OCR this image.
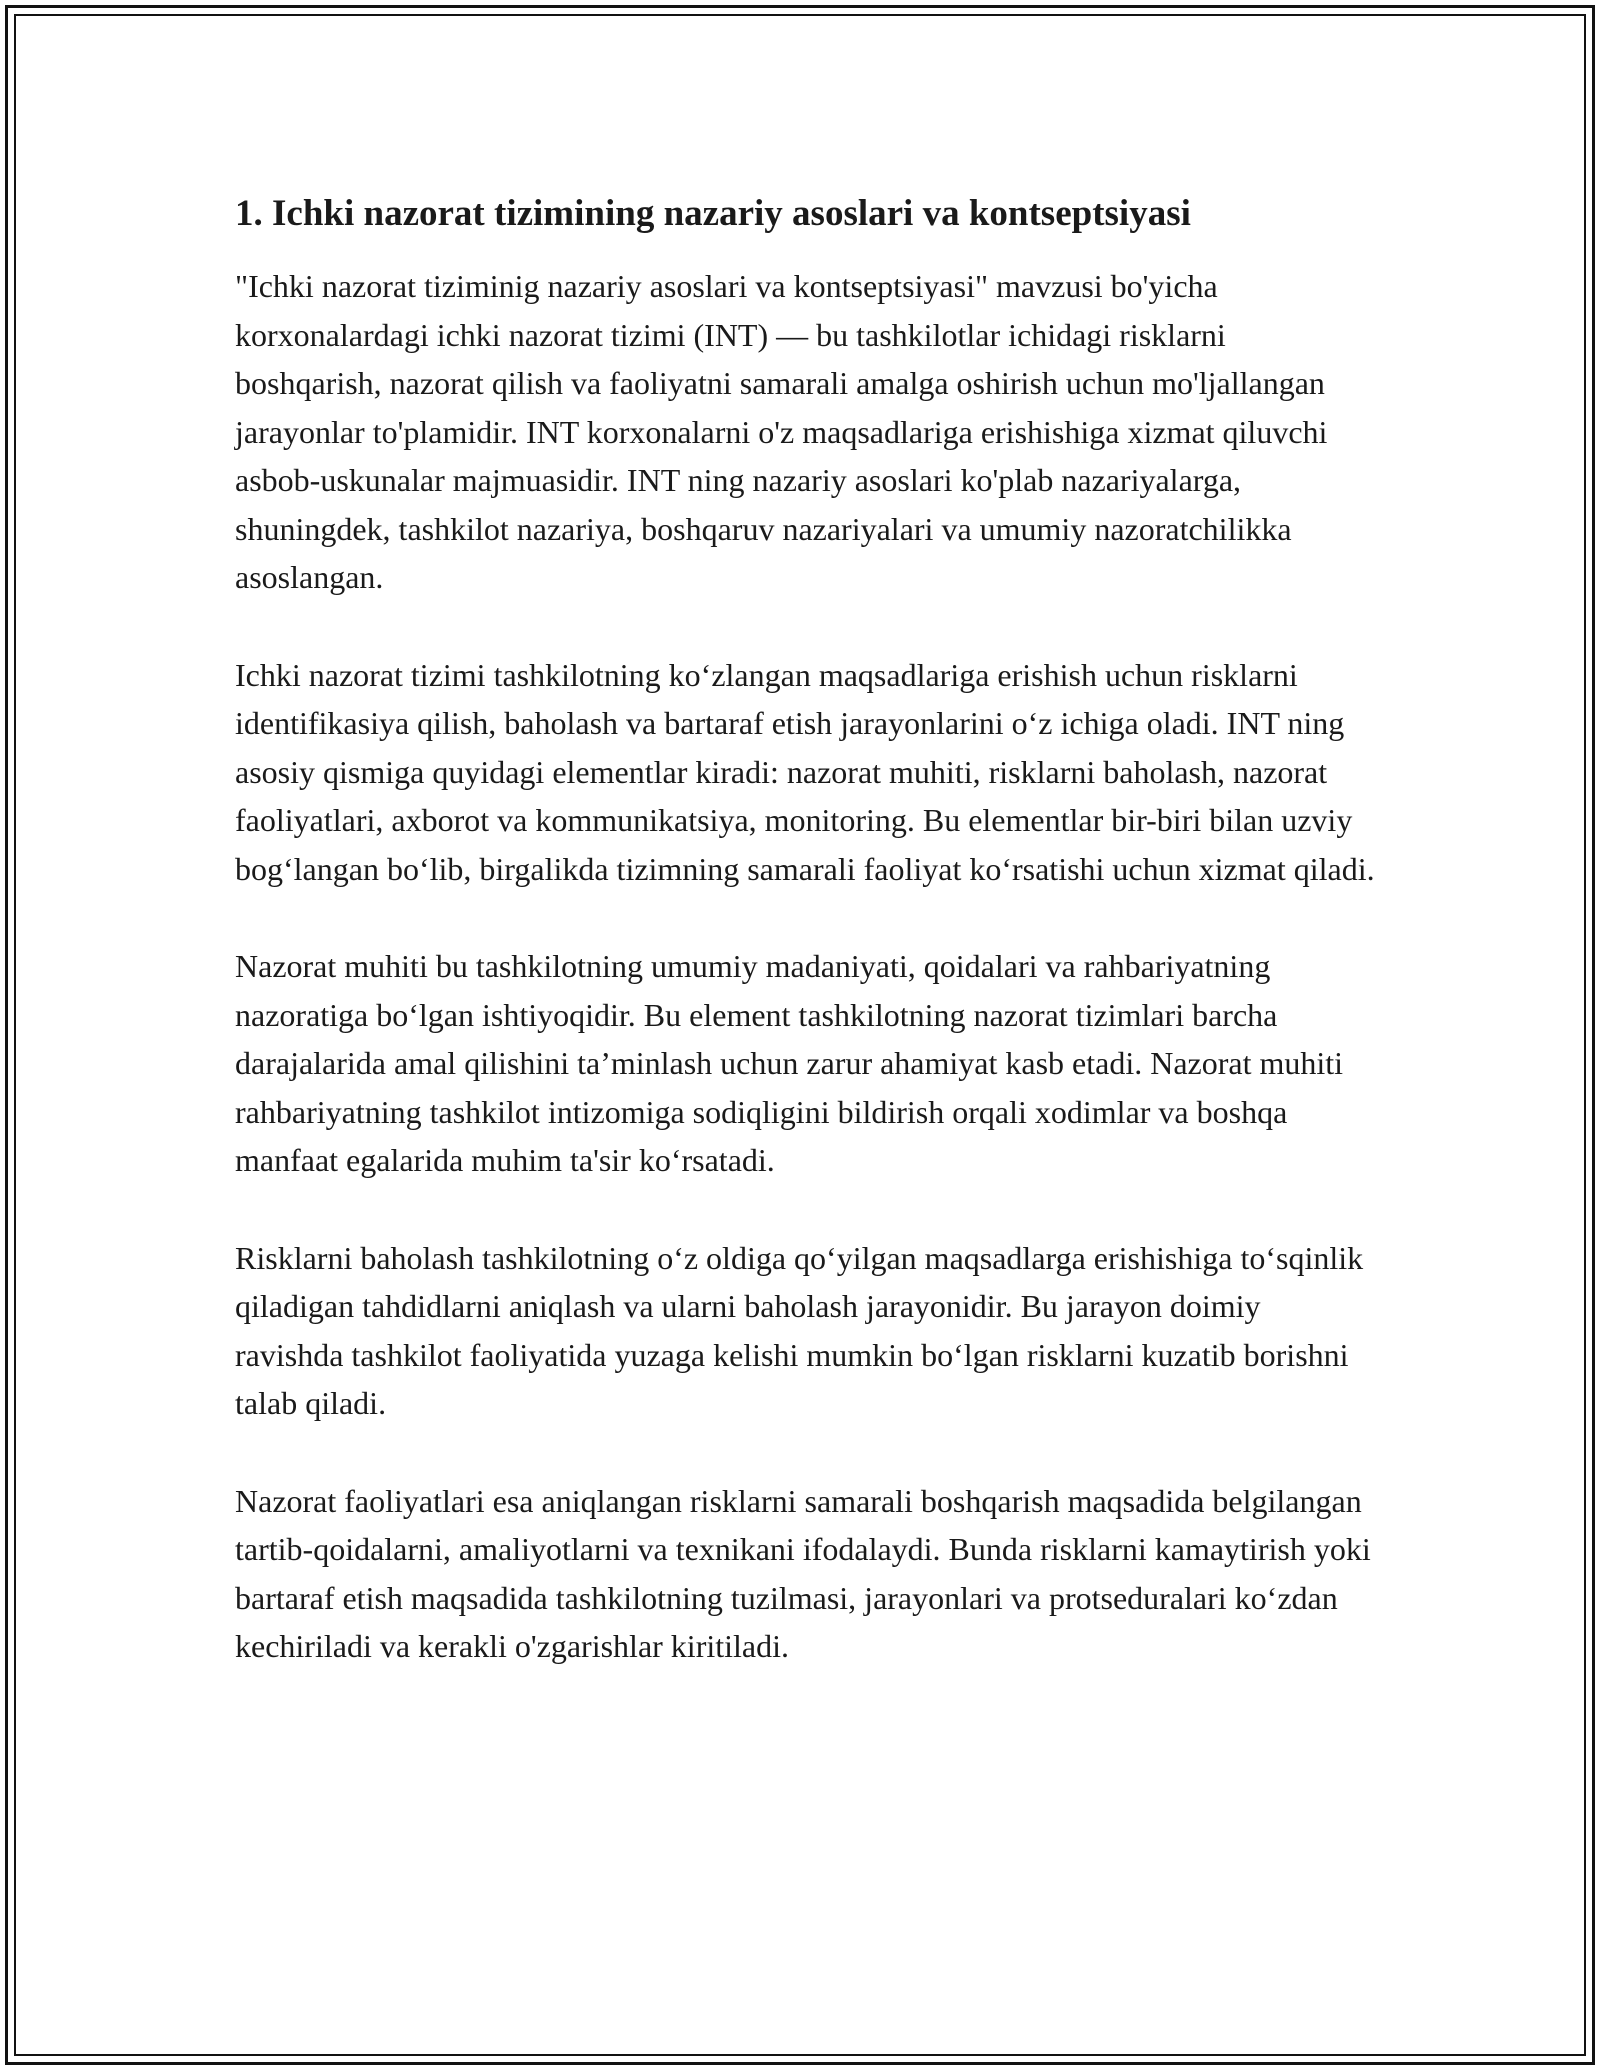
1. Ichki nazorat tizimining nazariy asoslari va kontseptsiyasi

"Ichki nazorat tiziminig nazariy asoslari va kontseptsiyasi" mavzusi bo'yicha korxonalardagi ichki nazorat tizimi (INT) — bu tashkilotlar ichidagi risklarni boshqarish, nazorat qilish va faoliyatni samarali amalga oshirish uchun mo'ljallangan jarayonlar to'plamidir. INT korxonalarni o'z maqsadlariga erishishiga xizmat qiluvchi asbob-uskunalar majmuasidir. INT ning nazariy asoslari ko'plab nazariyalarga, shuningdek, tashkilot nazariya, boshqaruv nazariyalari va umumiy nazoratchilikka asoslangan.

Ichki nazorat tizimi tashkilotning ko‘zlangan maqsadlariga erishish uchun risklarni identifikasiya qilish, baholash va bartaraf etish jarayonlarini o‘z ichiga oladi. INT ning asosiy qismiga quyidagi elementlar kiradi: nazorat muhiti, risklarni baholash, nazorat faoliyatlari, axborot va kommunikatsiya, monitoring. Bu elementlar bir-biri bilan uzviy bog‘langan bo‘lib, birgalikda tizimning samarali faoliyat ko‘rsatishi uchun xizmat qiladi.

Nazorat muhiti bu tashkilotning umumiy madaniyati, qoidalari va rahbariyatning nazoratiga bo‘lgan ishtiyoqidir. Bu element tashkilotning nazorat tizimlari barcha darajalarida amal qilishini ta’minlash uchun zarur ahamiyat kasb etadi. Nazorat muhiti rahbariyatning tashkilot intizomiga sodiqligini bildirish orqali xodimlar va boshqa manfaat egalarida muhim ta'sir ko‘rsatadi.

Risklarni baholash tashkilotning o‘z oldiga qo‘yilgan maqsadlarga erishishiga to‘sqinlik qiladigan tahdidlarni aniqlash va ularni baholash jarayonidir. Bu jarayon doimiy ravishda tashkilot faoliyatida yuzaga kelishi mumkin bo‘lgan risklarni kuzatib borishni talab qiladi.

Nazorat faoliyatlari esa aniqlangan risklarni samarali boshqarish maqsadida belgilangan tartib-qoidalarni, amaliyotlarni va texnikani ifodalaydi. Bunda risklarni kamaytirish yoki bartaraf etish maqsadida tashkilotning tuzilmasi, jarayonlari va protseduralari ko‘zdan kechiriladi va kerakli o'zgarishlar kiritiladi.
